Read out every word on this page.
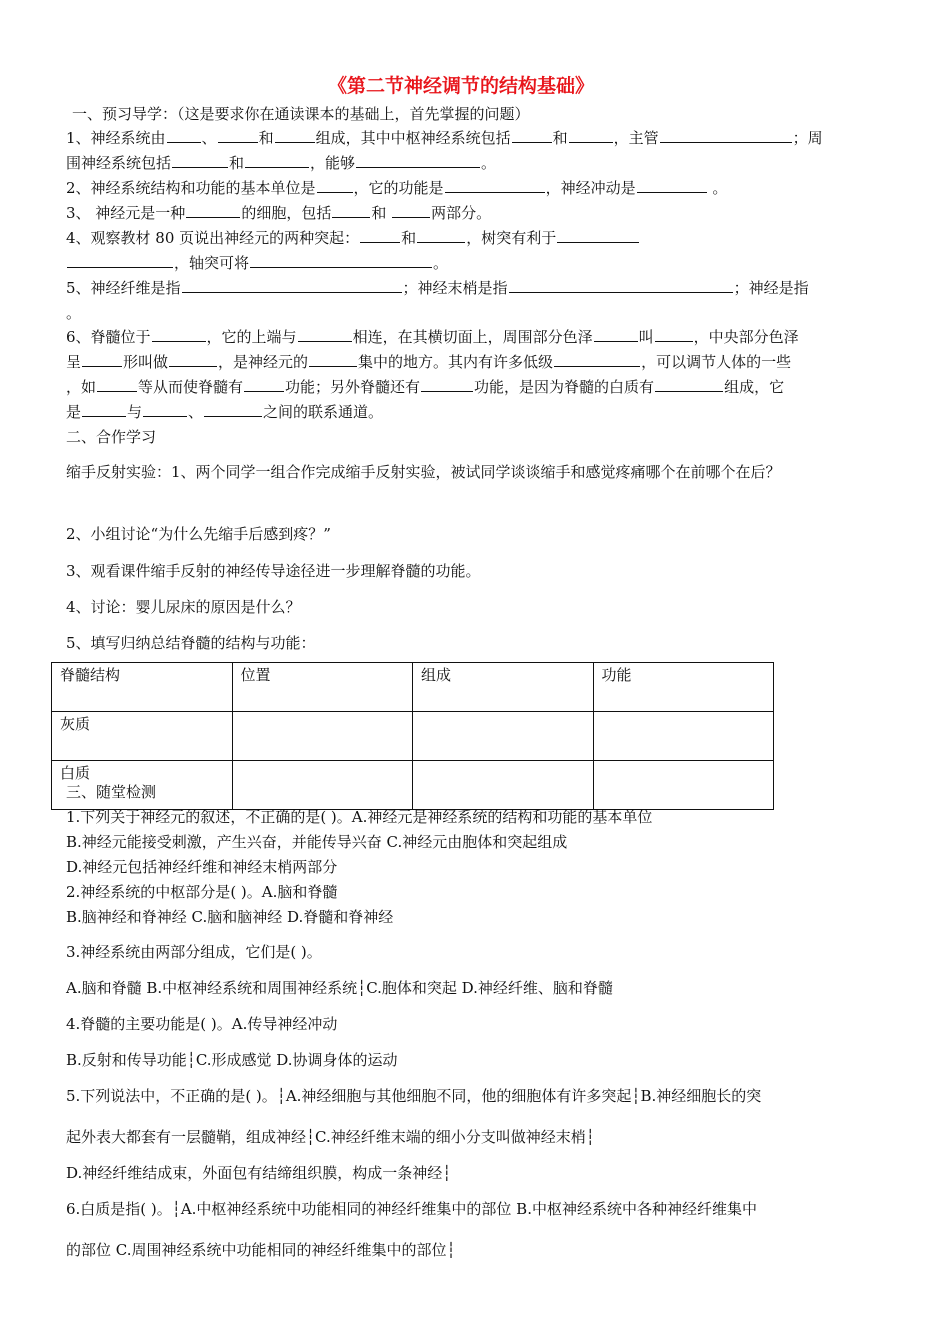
《第二节神经调节的结构基础》
一、预习导学：（这是要求你在通读课本的基础上，首先掌握的问题）
1、神经系统由 、	和	组成，其中中枢神经系统包括	和	，主管	；周
围神经系统包括	和	，能够	。
2、神经系统结构和功能的基本单位是	，它的功能是	，神经冲动是	。
3、 神经元是一种	的细胞，包括	和	两部分。
4、观察教材 80 页说出神经元的两种突起：	和	，树突有利于
，轴突可将	。
5、神经纤维是指	；神经末梢是指	；神经是指
。
6、脊髓位于	，它的上端与	相连，在其横切面上，周围部分色泽	叫	，中央部分色泽
呈	形叫做	，是神经元的	集中的地方。其内有许多低级	，可以调节人体的一些
，如	等从而使脊髓有	功能；另外脊髓还有	功能，是因为脊髓的白质有	组成，它
是	与	、	之间的联系通道。
二、合作学习
缩手反射实验：1、两个同学一组合作完成缩手反射实验，被试同学谈谈缩手和感觉疼痛哪个在前哪个在后？
2、小组讨论“为什么先缩手后感到疼？”
3、观看课件缩手反射的神经传导途径进一步理解脊髓的功能。
4、讨论：婴儿尿床的原因是什么？
5、填写归纳总结脊髓的结构与功能：
脊髓结构	位置	组成	功能
灰质			
白质			
三、随堂检测
1.下列关于神经元的叙述，不正确的是( )。A.神经元是神经系统的结构和功能的基本单位
B.神经元能接受刺激，产生兴奋，并能传导兴奋 C.神经元由胞体和突起组成
D.神经元包括神经纤维和神经末梢两部分
2.神经系统的中枢部分是( )。A.脑和脊髓
B.脑神经和脊神经 C.脑和脑神经 D.脊髓和脊神经
3.神经系统由两部分组成，它们是( )。
A.脑和脊髓 B.中枢神经系统和周围神经系统┆C.胞体和突起 D.神经纤维、脑和脊髓
4.脊髓的主要功能是( )。A.传导神经冲动
B.反射和传导功能┆C.形成感觉 D.协调身体的运动
5.下列说法中，不正确的是( )。┆A.神经细胞与其他细胞不同，他的细胞体有许多突起┆B.神经细胞长的突
起外表大都套有一层髓鞘，组成神经┆C.神经纤维末端的细小分支叫做神经末梢┆
D.神经纤维结成束，外面包有结缔组织膜，构成一条神经┆
6.白质是指( )。┆A.中枢神经系统中功能相同的神经纤维集中的部位 B.中枢神经系统中各种神经纤维集中
的部位 C.周围神经系统中功能相同的神经纤维集中的部位┆
